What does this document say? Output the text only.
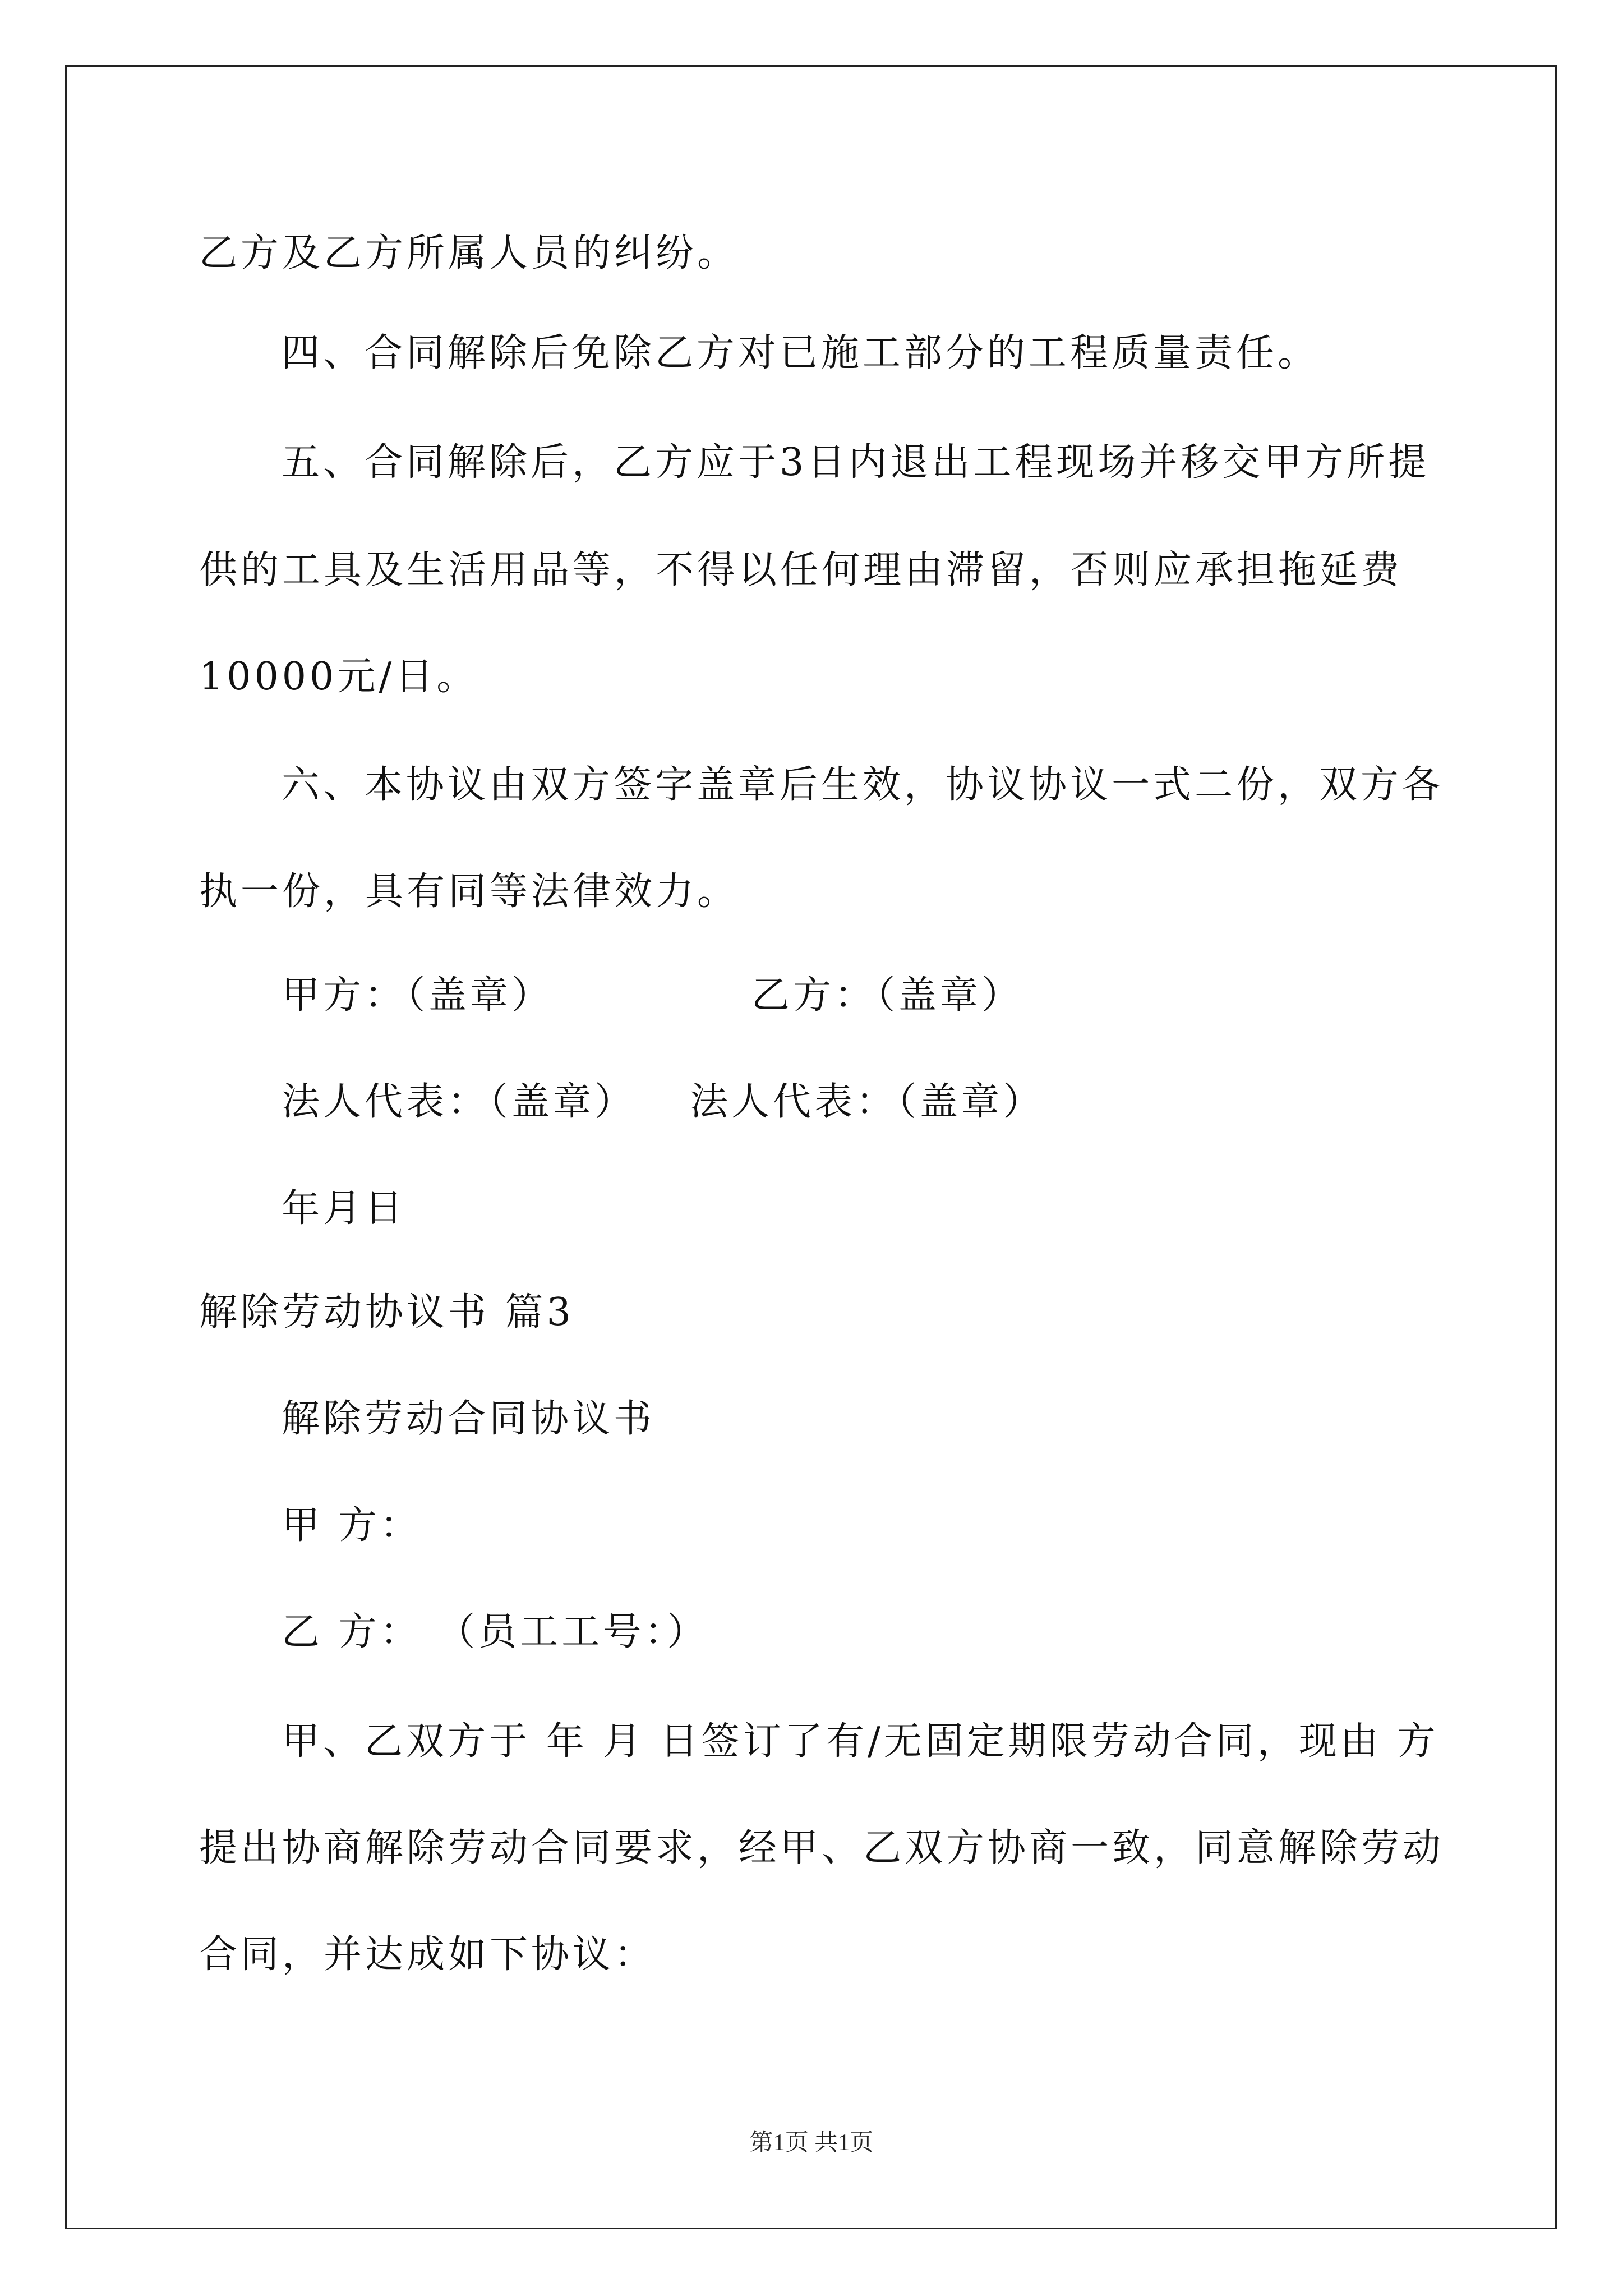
乙方及乙方所属人员的纠纷。
四、合同解除后免除乙方对已施工部分的工程质量责任。
五、合同解除后，乙方应于3日内退出工程现场并移交甲方所提
供的工具及生活用品等，不得以任何理由滞留，否则应承担拖延费
10000元/日。
六、本协议由双方签字盖章后生效，协议协议一式二份，双方各
执一份，具有同等法律效力。
甲方：（盖章）	乙方：（盖章）
法人代表：（盖章） 法人代表：（盖章）
年月日
解除劳动协议书 篇3
解除劳动合同协议书
甲 方：
乙 方： （员工工号：）
甲、乙双方于 年 月 日签订了有/无固定期限劳动合同，现由 方
提出协商解除劳动合同要求，经甲、乙双方协商一致，同意解除劳动
合同，并达成如下协议：
第1页 共1页
